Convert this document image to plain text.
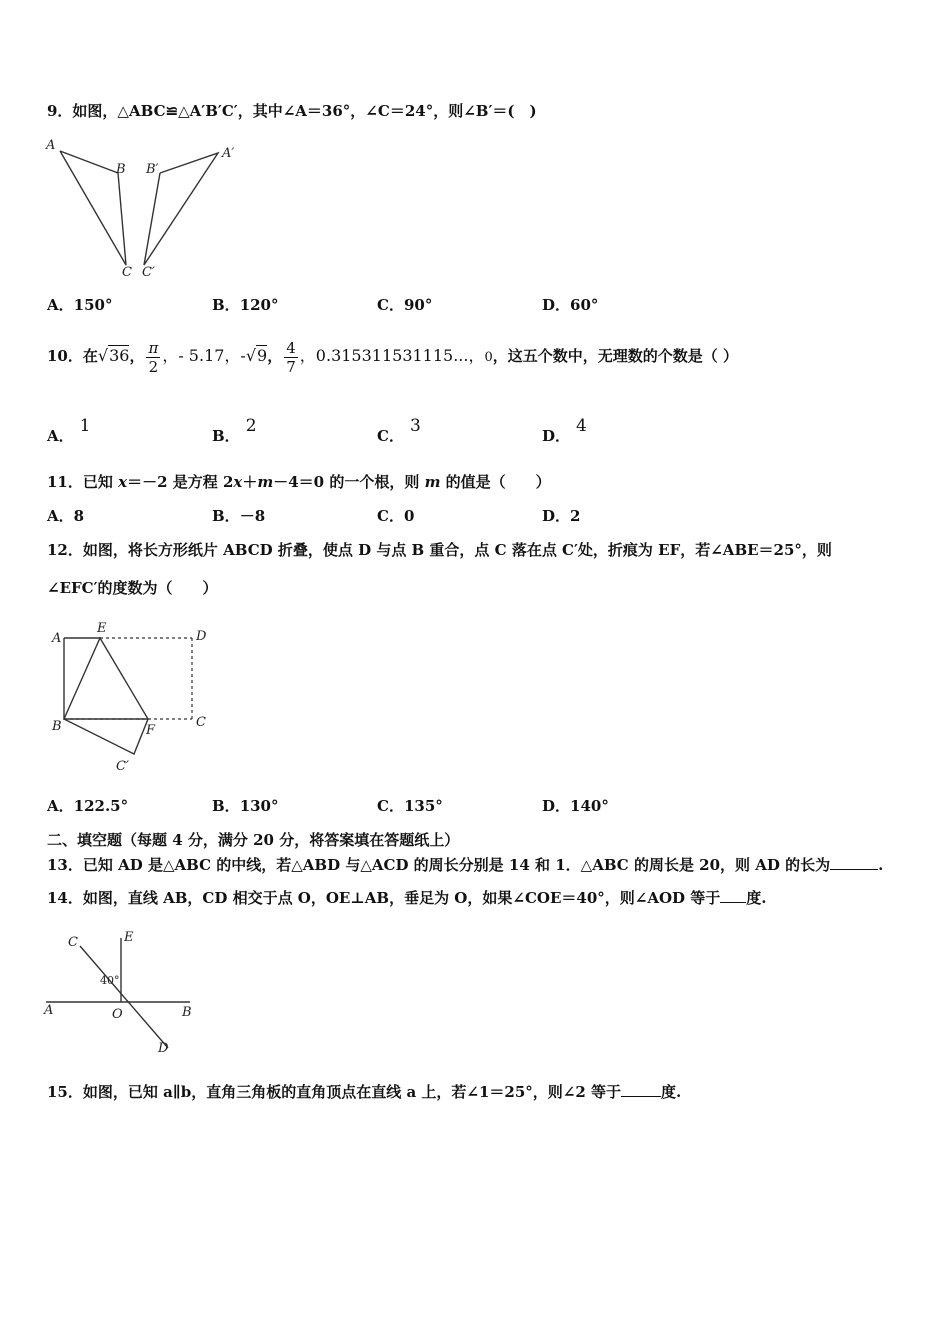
9．如图，△ABC≌△A′B′C′，其中∠A＝36°，∠C＝24°，则∠B′＝(　)
A
B
C
B′
A′
C′
A．150°	B．120°	C．90°	D．60°
10．在√36， $\frac{\pi}{2}$ ，- 5.17，-√9， $\frac{4}{7}$ ，0.315311531115...，0，这五个数中，无理数的个数是（ ）
A． 1	B． 2	C． 3	D． 4
11．已知 x＝－2 是方程 2x＋m－4＝0 的一个根，则 m 的值是（　　）
A．8	B．－8	C．0	D．2
12．如图，将长方形纸片 ABCD 折叠，使点 D 与点 B 重合，点 C 落在点 C′处，折痕为 EF，若∠ABE＝25°，则
∠EFC′的度数为（　　）
A
E
D
B	C
F
C′
A．122.5°	B．130°	C．135°	D．140°
二、填空题（每题 4 分，满分 20 分，将答案填在答题纸上）
13．已知 AD 是△ABC 的中线，若△ABD 与△ACD 的周长分别是 14 和 1．△ABC 的周长是 20，则 AD 的长为	.
14．如图，直线 AB，CD 相交于点 O，OE⊥AB，垂足为 O，如果∠COE＝40°，则∠AOD 等于 度.
C	E
40°
A	O	B
D
15．如图，已知 a∥b，直角三角板的直角顶点在直线 a 上，若∠1＝25°，则∠2 等于	度.
